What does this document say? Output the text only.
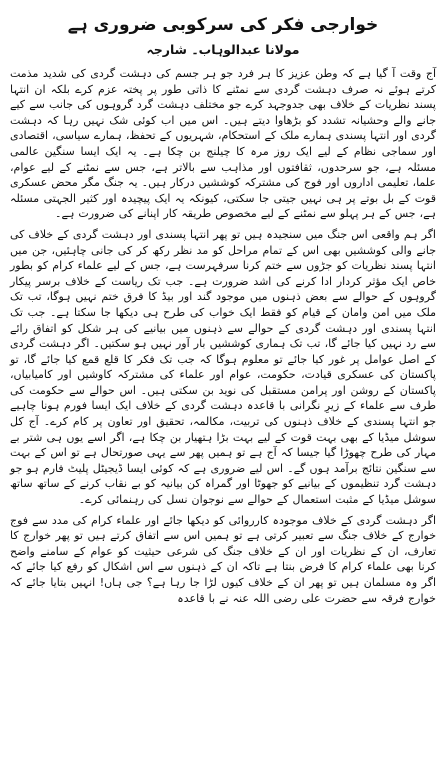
خوارجی فکر کی سرکوبی ضروری ہے
مولانا عبدالوہاب۔ شارجہ

آج وقت آ گیا ہے کہ وطن عزیز کا ہر فرد جو ہر جسم کی دہشت گردی کی شدید مذمت کرتے ہوئے نہ صرف دہشت گردی سے نمٹنے کا ذاتی طور پر پختہ عزم کرے بلکہ ان انتہا پسند نظریات کے خلاف بھی جدوجہد کرے جو مختلف دہشت گرد گروہوں کی جانب سے کیے جانے والے وحشیانہ تشدد کو بڑھاوا دیتے ہیں۔ اس میں اب کوئی شک نہیں رہا کہ دہشت گردی اور انتہا پسندی ہمارے ملک کے استحکام، شہریوں کے تحفظ، ہمارے سیاسی، اقتصادی اور سماجی نظام کے لیے ایک روز مرہ کا چیلنج بن چکا ہے۔ یہ ایک ایسا سنگین عالمی مسئلہ ہے، جو سرحدوں، ثقافتوں اور مذاہب سے بالاتر ہے، جس سے نمٹنے کے لیے عوام، علما، تعلیمی اداروں اور فوج کی مشترکہ کوششیں درکار ہیں۔ یہ جنگ مگر محض عسکری قوت کے بل بوتے پر ہی نہیں جیتی جا سکتی، کیونکہ یہ ایک پیچیدہ اور کثیر الجہتی مسئلہ ہے، جس کے ہر پہلو سے نمٹنے کے لیے مخصوص طریقہ کار اپنانے کی ضرورت ہے۔

اگر ہم واقعی اس جنگ میں سنجیدہ ہیں تو پھر انتہا پسندی اور دہشت گردی کے خلاف کی جانے والی کوششیں بھی اس کے تمام مراحل کو مد نظر رکھ کر کی جانی چاہئیں، جن میں انتہا پسند نظریات کو جڑوں سے ختم کرنا سرفہرست ہے، جس کے لیے علماء کرام کو بطور خاص ایک مؤثر کردار ادا کرنے کی اشد ضرورت ہے۔ جب تک ریاست کے خلاف برسر پیکار گروہوں کے حوالے سے بعض ذہنوں میں موجود گند اور بیڈ کا فرق ختم نہیں ہوگا، تب تک ملک میں امن وامان کے قیام کو فقط ایک خواب کی طرح ہی دیکھا جا سکتا ہے۔ جب تک انتہا پسندی اور دہشت گردی کے حوالے سے ذہنوں میں بیانیے کی ہر شکل کو اتفاق رائے سے رد نہیں کیا جائے گا، تب تک ہماری کوششیں بار آور نہیں ہو سکتیں۔ اگر دہشت گردی کے اصل عوامل پر غور کیا جائے تو معلوم ہوگا کہ جب تک فکر کا قلع قمع کیا جائے گا، تو پاکستان کی عسکری قیادت، حکومت، عوام اور علماء کی مشترکہ کاوشیں اور کامیابیاں، پاکستان کے روشن اور پرامن مستقبل کی نوید بن سکتی ہیں۔ اس حوالے سے حکومت کی طرف سے علماء کے زیرِ نگرانی با قاعدہ دہشت گردی کے خلاف ایک ایسا فورم ہونا چاہیے جو انتہا پسندی کے خلاف ذہنوں کی تربیت، مکالمہ، تحقیق اور تعاون پر کام کرے۔ آج کل سوشل میڈیا کے بھی بہت قوت کے لیے بہت بڑا ہتھیار بن چکا ہے، اگر اسے یوں ہی شتر بے مہار کی طرح چھوڑا گیا جیسا کہ آج ہے تو ہمیں پھر سے یہی صورتحال ہے تو اس کے بہت سے سنگین نتائج برآمد ہوں گے۔ اس لیے ضروری ہے کہ کوئی ایسا ڈیجیٹل پلیٹ فارم ہو جو دہشت گرد تنظیموں کے بیانیے کو جھوٹا اور گمراہ کن بیانیہ کو بے نقاب کرنے کے ساتھ ساتھ سوشل میڈیا کے مثبت استعمال کے حوالے سے نوجوان نسل کی رہنمائی کرے۔

اگر دہشت گردی کے خلاف موجودہ کارروائی کو دیکھا جائے اور علماء کرام کی مدد سے فوج خوارج کے خلاف جنگ سے تعبیر کرتی ہے تو ہمیں اس سے اتفاق کرتے ہیں تو پھر خوارج کا تعارف، ان کے نظریات اور ان کے خلاف جنگ کی شرعی حیثیت کو عوام کے سامنے واضح کرنا بھی علماء کرام کا فرض بنتا ہے تاکہ ان کے ذہنوں سے اس اشکال کو رفع کیا جائے کہ اگر وہ مسلمان ہیں تو پھر ان کے خلاف کیوں لڑا جا رہا ہے؟ جی ہاں! انہیں بتایا جائے کہ خوارج فرقہ سے حضرت علی رضی اللہ عنہ نے با قاعدہ
